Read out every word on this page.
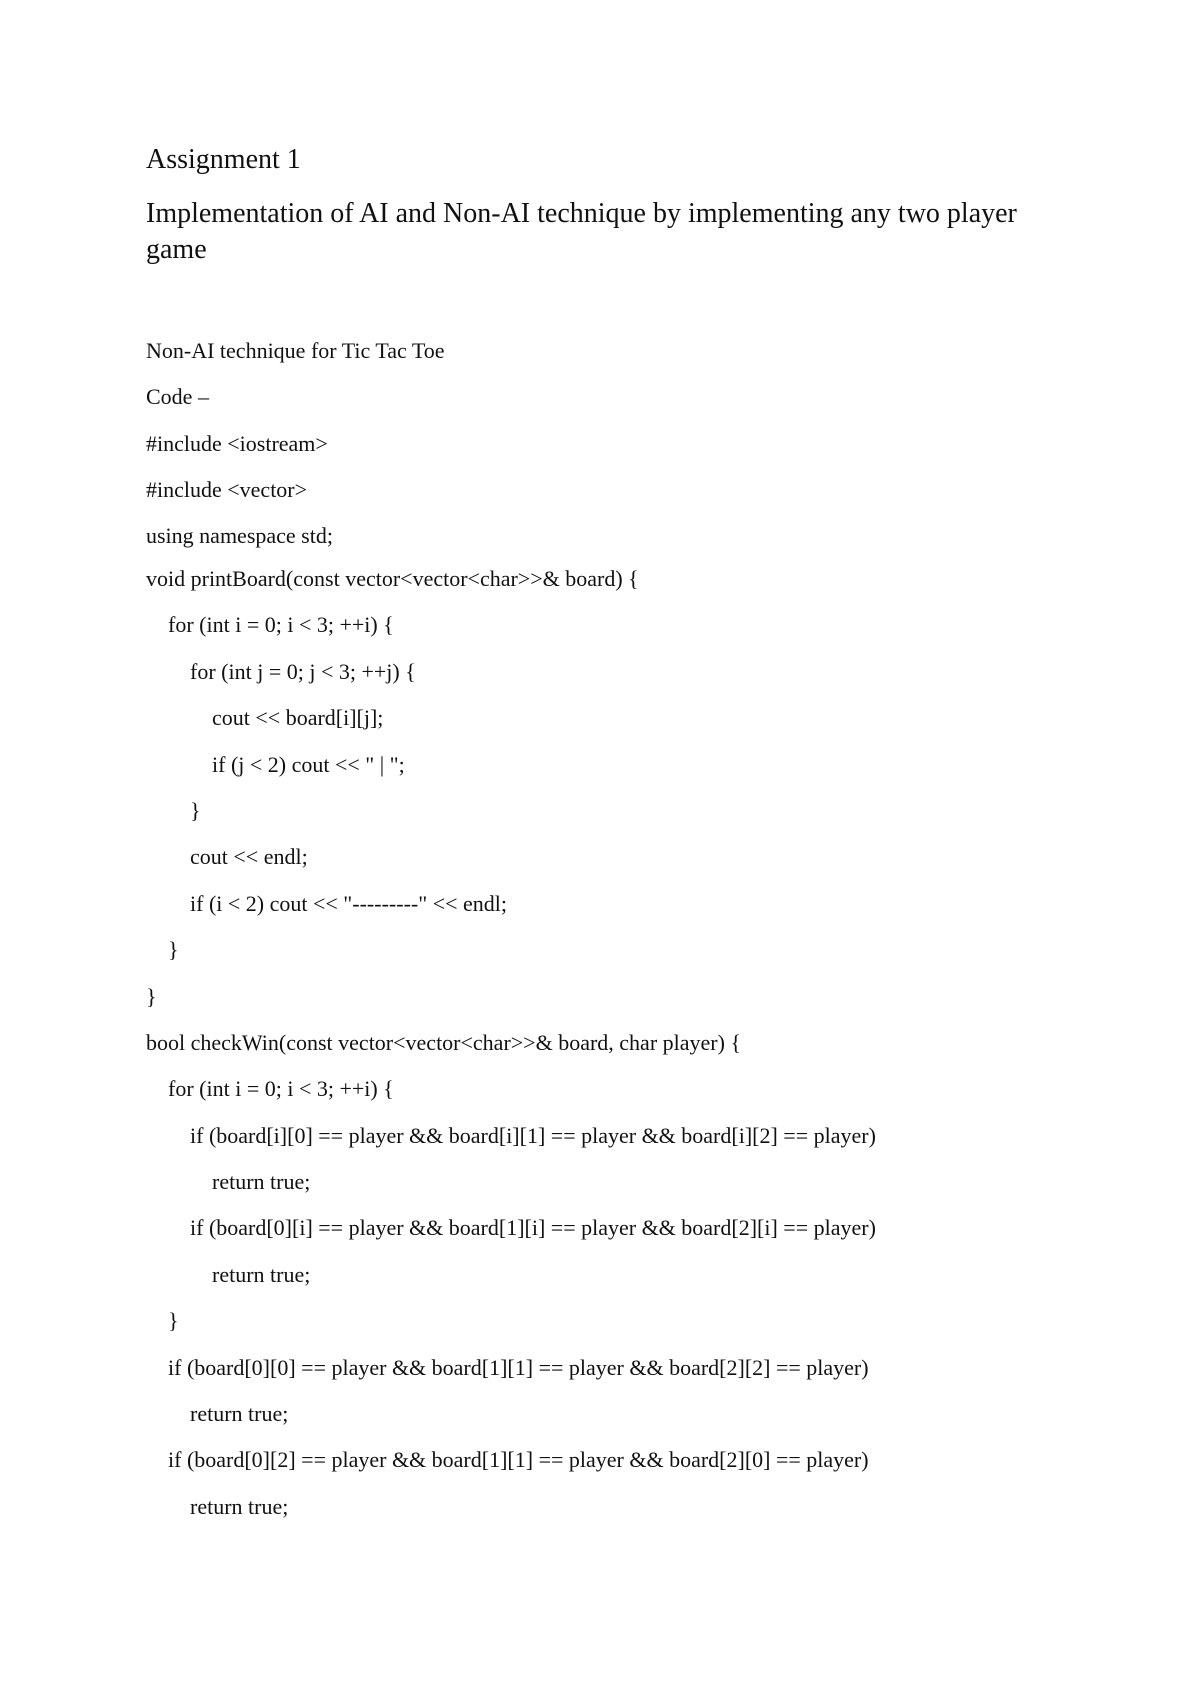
Assignment 1

Implementation of AI and Non-AI technique by implementing any two player game

Non-AI technique for Tic Tac Toe

Code –

#include <iostream>
#include <vector>
using namespace std;
void printBoard(const vector<vector<char>>& board) {
for (int i = 0; i < 3; ++i) {
for (int j = 0; j < 3; ++j) {
cout << board[i][j];
if (j < 2) cout << " | ";
}
cout << endl;
if (i < 2) cout << "---------" << endl;
}
}
bool checkWin(const vector<vector<char>>& board, char player) {
for (int i = 0; i < 3; ++i) {
if (board[i][0] == player && board[i][1] == player && board[i][2] == player)
return true;
if (board[0][i] == player && board[1][i] == player && board[2][i] == player)
return true;
}
if (board[0][0] == player && board[1][1] == player && board[2][2] == player)
return true;
if (board[0][2] == player && board[1][1] == player && board[2][0] == player)
return true;
